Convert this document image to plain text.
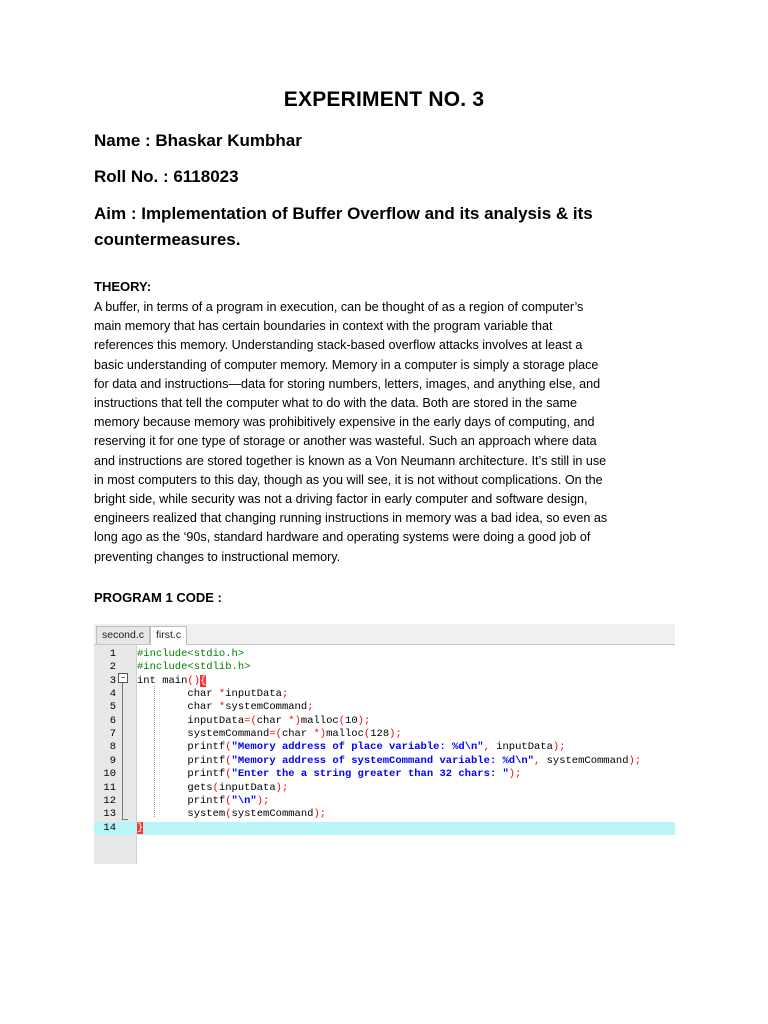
EXPERIMENT NO. 3
Name : Bhaskar Kumbhar
Roll No. : 6118023
Aim : Implementation of Buffer Overflow and its analysis & its
countermeasures.
THEORY:
A buffer, in terms of a program in execution, can be thought of as a region of computer’s
main memory that has certain boundaries in context with the program variable that
references this memory. Understanding stack-based overflow attacks involves at least a
basic understanding of computer memory. Memory in a computer is simply a storage place
for data and instructions—data for storing numbers, letters, images, and anything else, and
instructions that tell the computer what to do with the data. Both are stored in the same
memory because memory was prohibitively expensive in the early days of computing, and
reserving it for one type of storage or another was wasteful. Such an approach where data
and instructions are stored together is known as a Von Neumann architecture. It’s still in use
in most computers to this day, though as you will see, it is not without complications. On the
bright side, while security was not a driving factor in early computer and software design,
engineers realized that changing running instructions in memory was a bad idea, so even as
long ago as the ‘90s, standard hardware and operating systems were doing a good job of
preventing changes to instructional memory.
PROGRAM 1 CODE :
second.c	first.c
1 #include<stdio.h>
2 #include<stdlib.h>
3 int main(){
4 char *inputData;
5 char *systemCommand;
6 inputData=(char *)malloc(10);
7 systemCommand=(char *)malloc(128);
8 printf("Memory address of place variable: %d\n", inputData);
9 printf("Memory address of systemCommand variable: %d\n", systemCommand);
10 printf("Enter the a string greater than 32 chars: ");
11 gets(inputData);
12 printf("\n");
13 system(systemCommand);
14 }
−
